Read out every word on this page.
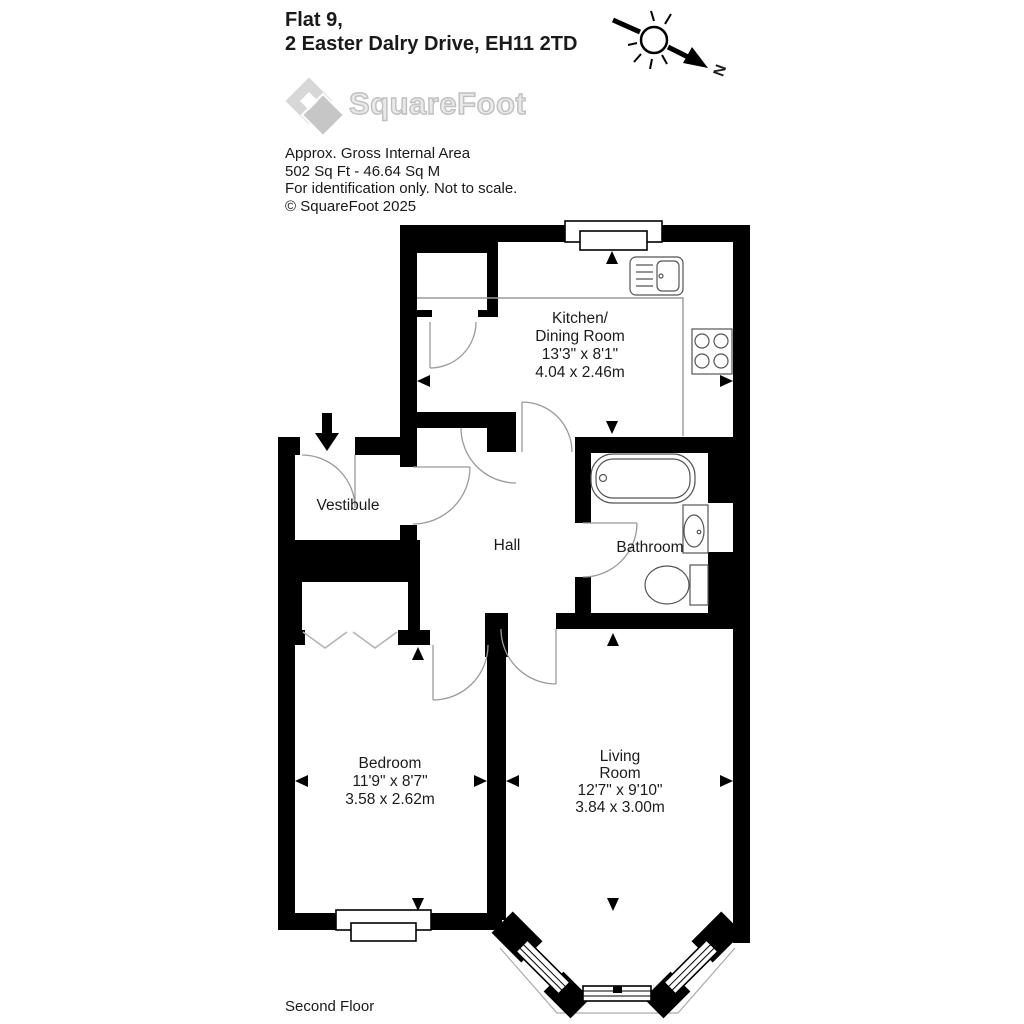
Flat 9,
2 Easter Dalry Drive, EH11 2TD
SquareFoot
Approx. Gross Internal Area
502 Sq Ft - 46.64 Sq M
For identification only. Not to scale.
© SquareFoot 2025
Second Floor
N
Kitchen/
Dining Room
13'3" x 8'1"
4.04 x 2.46m
Vestibule
Hall	Bathroom
Bedroom
11'9" x 8'7"
3.58 x 2.62m
Living
Room
12'7" x 9'10"
3.84 x 3.00m
